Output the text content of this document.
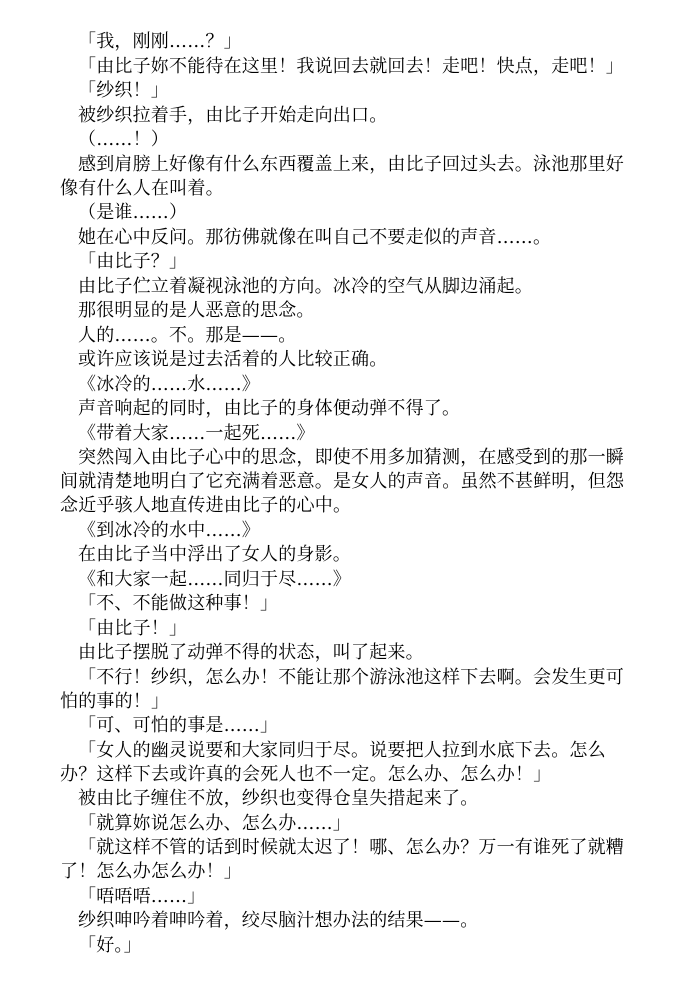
「我，刚刚……？」

「由比子妳不能待在这里！我说回去就回去！走吧！快点，走吧！」

「纱织！」

被纱织拉着手，由比子开始走向出口。

（……！）

感到肩膀上好像有什么东西覆盖上来，由比子回过头去。泳池那里好像有什么人在叫着。

（是谁……）

她在心中反问。那彷佛就像在叫自己不要走似的声音……。

「由比子？」

由比子伫立着凝视泳池的方向。冰冷的空气从脚边涌起。

那很明显的是人恶意的思念。

人的……。不。那是——。

或许应该说是过去活着的人比较正确。

《冰冷的……水……》

声音响起的同时，由比子的身体便动弹不得了。

《带着大家……一起死……》

突然闯入由比子心中的思念，即使不用多加猜测，在感受到的那一瞬间就清楚地明白了它充满着恶意。是女人的声音。虽然不甚鲜明，但怨念近乎骇人地直传进由比子的心中。

《到冰冷的水中……》

在由比子当中浮出了女人的身影。

《和大家一起……同归于尽……》

「不、不能做这种事！」

「由比子！」

由比子摆脱了动弹不得的状态，叫了起来。

「不行！纱织，怎么办！不能让那个游泳池这样下去啊。会发生更可怕的事的！」

「可、可怕的事是……」

「女人的幽灵说要和大家同归于尽。说要把人拉到水底下去。怎么办？这样下去或许真的会死人也不一定。怎么办、怎么办！」

被由比子缠住不放，纱织也变得仓皇失措起来了。

「就算妳说怎么办、怎么办……」

「就这样不管的话到时候就太迟了！哪、怎么办？万一有谁死了就糟了！怎么办怎么办！」

「唔唔唔……」

纱织呻吟着呻吟着，绞尽脑汁想办法的结果——。

「好。」
